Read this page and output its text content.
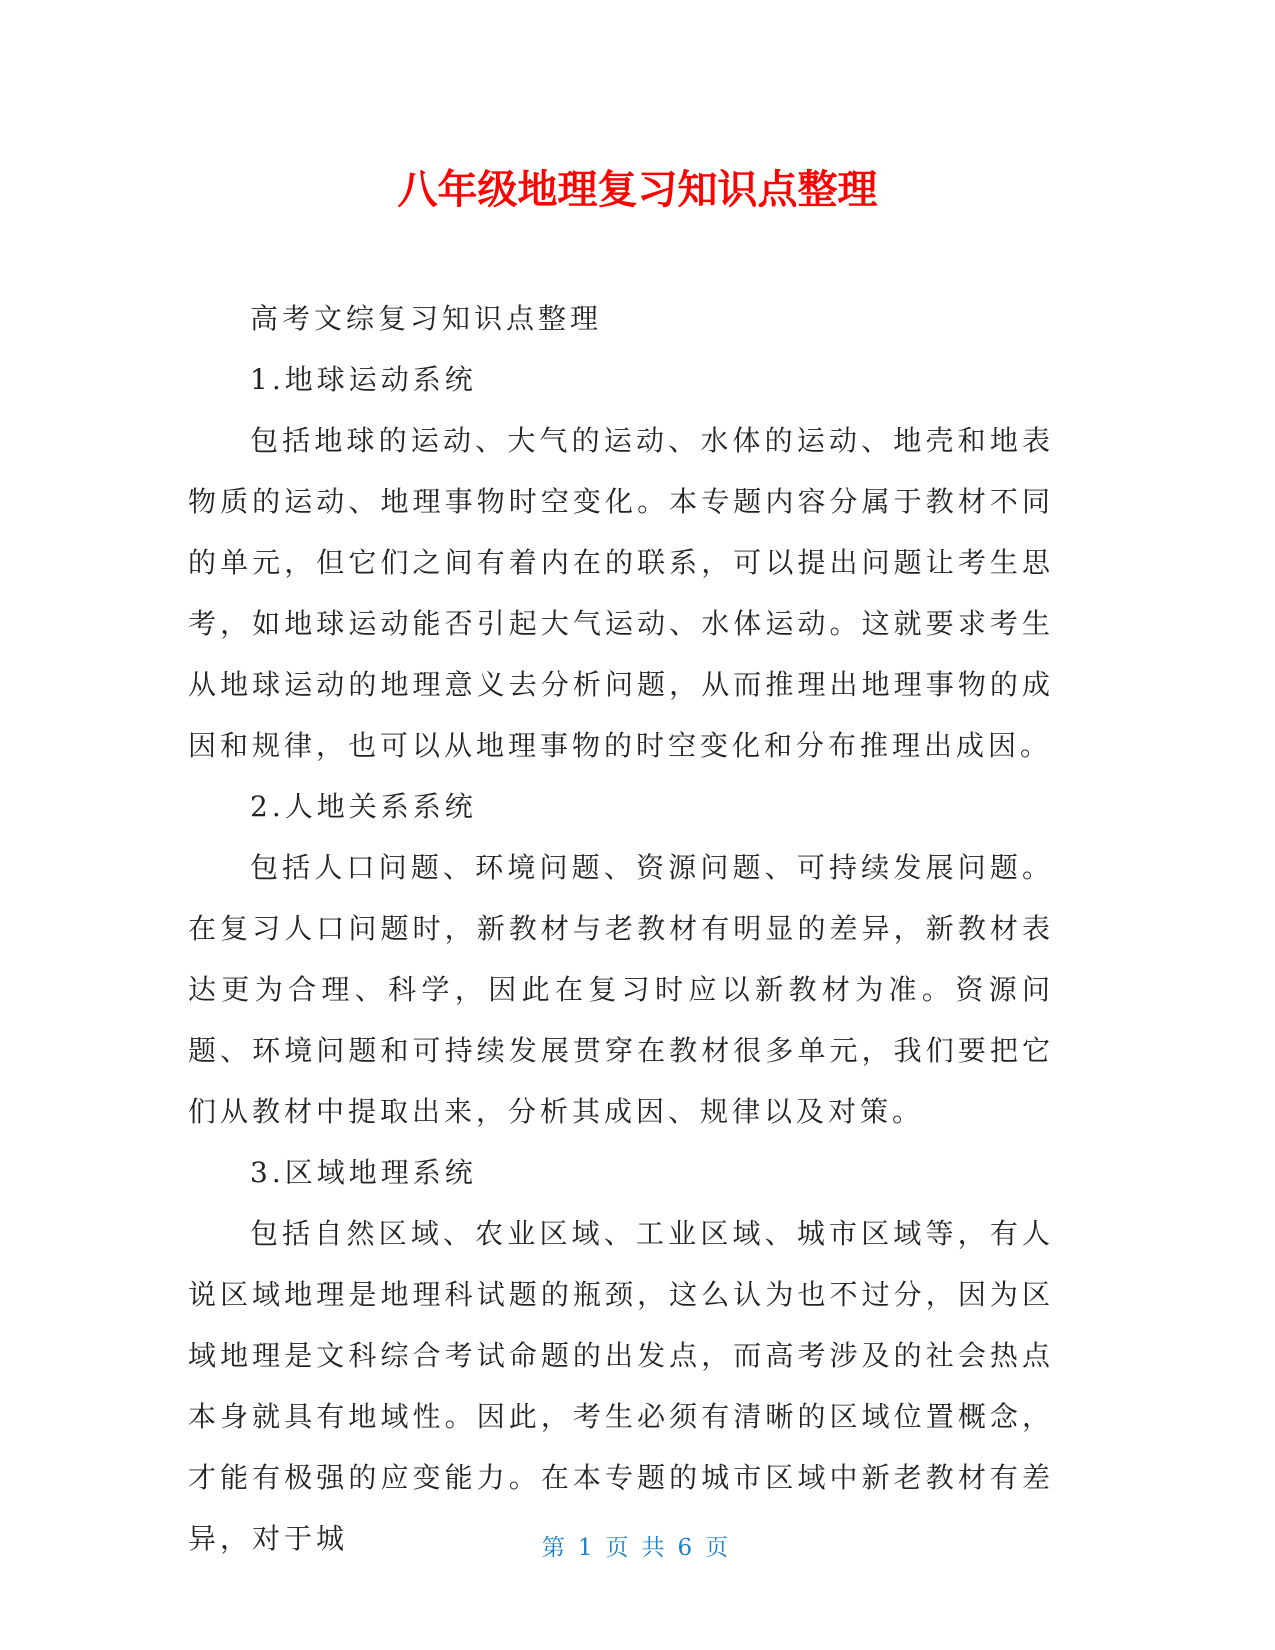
八年级地理复习知识点整理

高考文综复习知识点整理

1.地球运动系统

包括地球的运动、大气的运动、水体的运动、地壳和地表物质的运动、地理事物时空变化。本专题内容分属于教材不同的单元，但它们之间有着内在的联系，可以提出问题让考生思考，如地球运动能否引起大气运动、水体运动。这就要求考生从地球运动的地理意义去分析问题，从而推理出地理事物的成因和规律，也可以从地理事物的时空变化和分布推理出成因。

2.人地关系系统

包括人口问题、环境问题、资源问题、可持续发展问题。在复习人口问题时，新教材与老教材有明显的差异，新教材表达更为合理、科学，因此在复习时应以新教材为准。资源问题、环境问题和可持续发展贯穿在教材很多单元，我们要把它们从教材中提取出来，分析其成因、规律以及对策。

3.区域地理系统

包括自然区域、农业区域、工业区域、城市区域等，有人说区域地理是地理科试题的瓶颈，这么认为也不过分，因为区域地理是文科综合考试命题的出发点，而高考涉及的社会热点本身就具有地域性。因此，考生必须有清晰的区域位置概念，才能有极强的应变能力。在本专题的城市区域中新老教材有差异，对于城	第 1 页 共 6 页
